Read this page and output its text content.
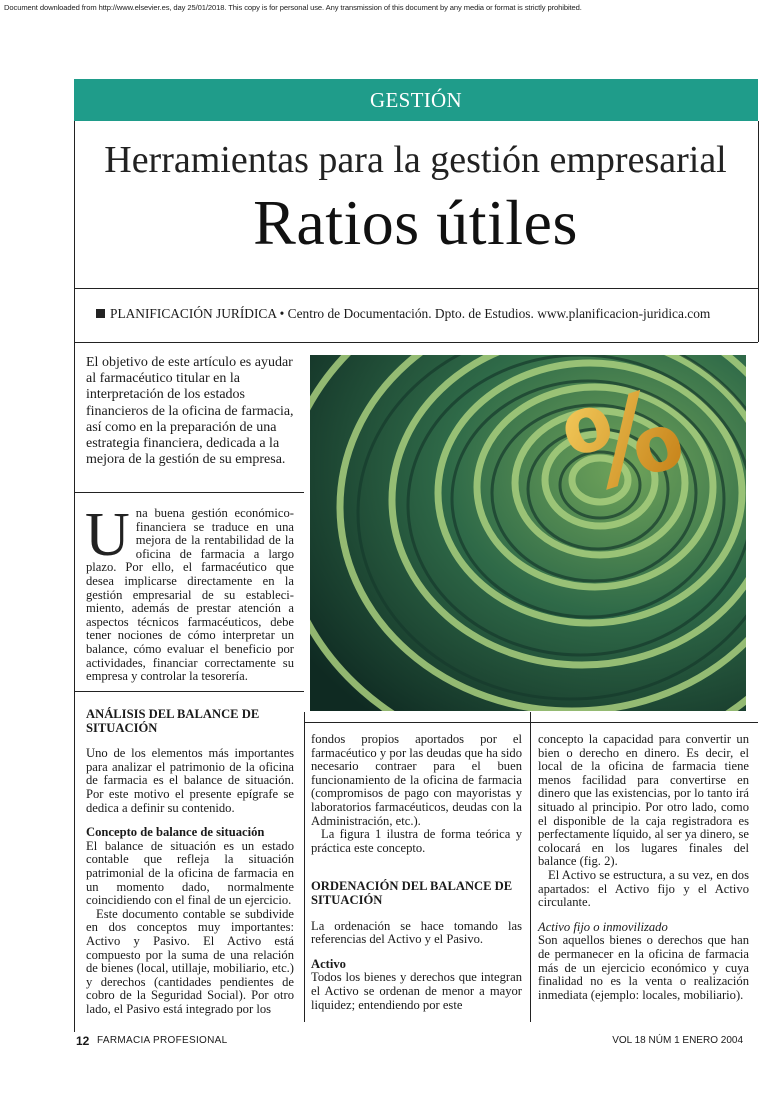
Document downloaded from http://www.elsevier.es, day 25/01/2018. This copy is for personal use. Any transmission of this document by any media or format is strictly prohibited.
GESTIÓN
Herramientas para la gestión empresarial
Ratios útiles
PLANIFICACIÓN JURÍDICA • Centro de Documentación. Dpto. de Estudios. www.planificacion-juridica.com
El objetivo de este artículo es ayudar al farmacéutico titular en la interpretación de los estados financieros de la oficina de farmacia, así como en la preparación de una estrategia financiera, dedicada a la mejora de la gestión de su empresa.
Una buena gestión económico-financiera se traduce en una mejora de la rentabilidad de la oficina de farmacia a largo plazo. Por ello, el farmacéutico que desea implicarse directamente en la gestión empresarial de su establecimiento, además de prestar atención a aspectos técnicos farmacéuticos, debe tener nociones de cómo interpretar un balance, cómo evaluar el beneficio por actividades, financiar correctamente su empresa y controlar la tesorería.

ANÁLISIS DEL BALANCE DE SITUACIÓN

Uno de los elementos más importantes para analizar el patrimonio de la oficina de farmacia es el balance de situación. Por este motivo el presente epígrafe se dedica a definir su contenido.

Concepto de balance de situación

El balance de situación es un estado contable que refleja la situación patrimonial de la oficina de farmacia en un momento dado, normalmente coincidiendo con el final de un ejercicio.

Este documento contable se subdivide en dos conceptos muy importantes: Activo y Pasivo. El Activo está compuesto por la suma de una relación de bienes (local, utillaje, mobiliario, etc.) y derechos (cantidades pendientes de cobro de la Seguridad Social). Por otro lado, el Pasivo está integrado por los

fondos propios aportados por el farmacéutico y por las deudas que ha sido necesario contraer para el buen funcionamiento de la oficina de farmacia (compromisos de pago con mayoristas y laboratorios farmacéuticos, deudas con la Administración, etc.).

La figura 1 ilustra de forma teórica y práctica este concepto.

ORDENACIÓN DEL BALANCE DE SITUACIÓN

La ordenación se hace tomando las referencias del Activo y el Pasivo.

Activo

Todos los bienes y derechos que integran el Activo se ordenan de menor a mayor liquidez; entendiendo por este

concepto la capacidad para convertir un bien o derecho en dinero. Es decir, el local de la oficina de farmacia tiene menos facilidad para convertirse en dinero que las existencias, por lo tanto irá situado al principio. Por otro lado, como el disponible de la caja registradora es perfectamente líquido, al ser ya dinero, se colocará en los lugares finales del balance (fig. 2).

El Activo se estructura, a su vez, en dos apartados: el Activo fijo y el Activo circulante.

Activo fijo o inmovilizado

Son aquellos bienes o derechos que han de permanecer en la oficina de farmacia más de un ejercicio económico y cuya finalidad no es la venta o realización inmediata (ejemplo: locales, mobiliario).

%
12 FARMACIA PROFESIONAL	VOL 18 NÚM 1 ENERO 2004
